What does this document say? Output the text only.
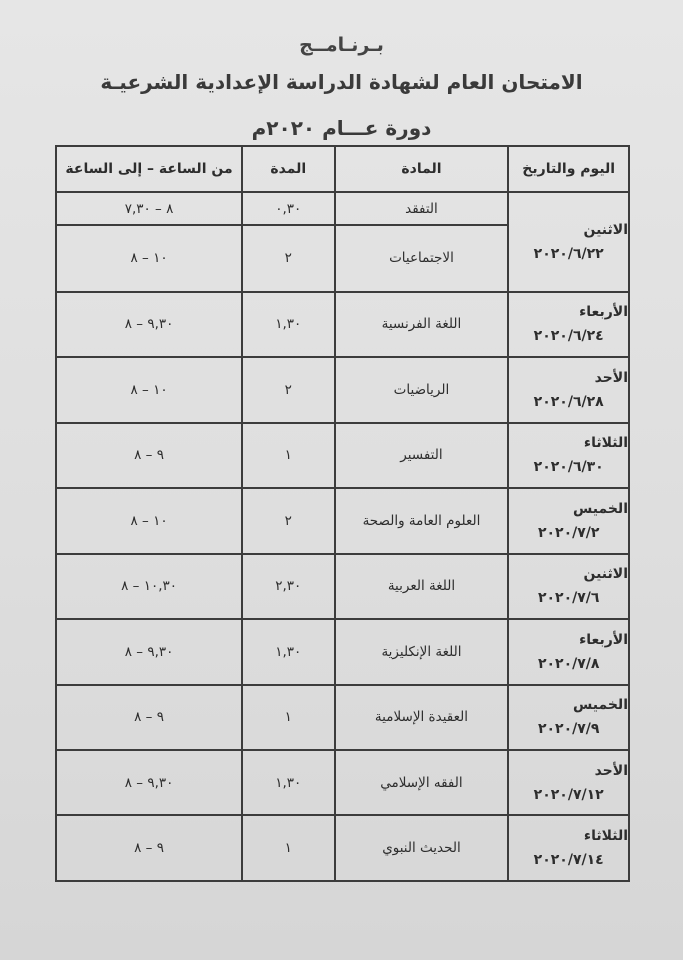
بـرنـامــج
الامتحان العام لشهادة الدراسة الإعدادية الشرعيـة
دورة عـــام ٢٠٢٠م
اليوم والتاريخ	المادة	المدة	من الساعة – إلى الساعة

الاثنين
٢٠٢٠/٦/٢٢	التفقد	٠,٣٠	٨ – ٧,٣٠
	الاجتماعيات	٢	١٠ – ٨

الأربعاء
٢٠٢٠/٦/٢٤	اللغة الفرنسية	١,٣٠	٩,٣٠ – ٨

الأحد
٢٠٢٠/٦/٢٨	الرياضيات	٢	١٠ – ٨

الثلاثاء
٢٠٢٠/٦/٣٠	التفسير	١	٩ – ٨

الخميس
٢٠٢٠/٧/٢	العلوم العامة والصحة	٢	١٠ – ٨

الاثنين
٢٠٢٠/٧/٦	اللغة العربية	٢,٣٠	١٠,٣٠ – ٨

الأربعاء
٢٠٢٠/٧/٨	اللغة الإنكليزية	١,٣٠	٩,٣٠ – ٨

الخميس
٢٠٢٠/٧/٩	العقيدة الإسلامية	١	٩ – ٨

الأحد
٢٠٢٠/٧/١٢	الفقه الإسلامي	١,٣٠	٩,٣٠ – ٨

الثلاثاء
٢٠٢٠/٧/١٤	الحديث النبوي	١	٩ – ٨
